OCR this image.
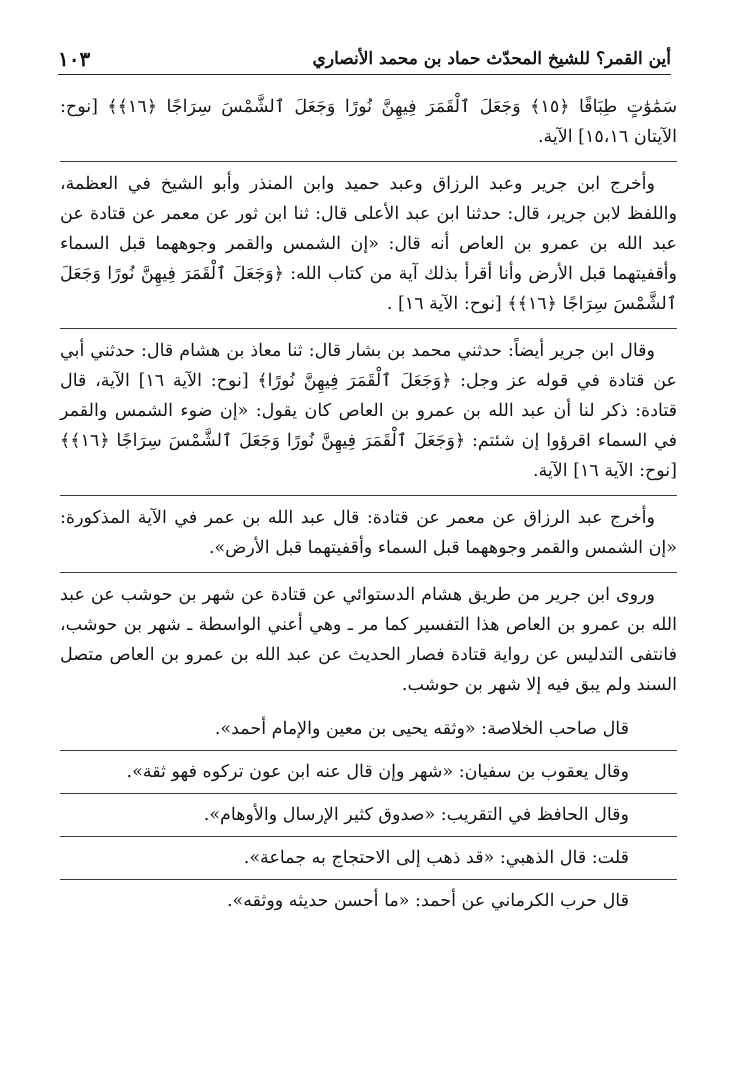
أين القمر؟ للشيخ المحدّث حماد بن محمد الأنصاري
١٠٣

سَمَٰوَٰتٍ طِبَاقًا ﴿١٥﴾ وَجَعَلَ ٱلْقَمَرَ فِيهِنَّ نُورًا وَجَعَلَ ٱلشَّمْسَ سِرَاجًا ﴿١٦﴾﴾ [نوح: الآيتان ١٥،١٦] الآية.

وأخرج ابن جرير وعبد الرزاق وعبد حميد وابن المنذر وأبو الشيخ في العظمة، واللفظ لابن جرير، قال: حدثنا ابن عبد الأعلى قال: ثنا ابن ثور عن معمر عن قتادة عن عبد الله بن عمرو بن العاص أنه قال: «إن الشمس والقمر وجوههما قبل السماء وأقفيتهما قبل الأرض وأنا أقرأ بذلك آية من كتاب الله: ﴿وَجَعَلَ ٱلْقَمَرَ فِيهِنَّ نُورًا وَجَعَلَ ٱلشَّمْسَ سِرَاجًا ﴿١٦﴾﴾ [نوح: الآية ١٦] .

وقال ابن جرير أيضاً: حدثني محمد بن بشار قال: ثنا معاذ بن هشام قال: حدثني أبي عن قتادة في قوله عز وجل: ﴿وَجَعَلَ ٱلْقَمَرَ فِيهِنَّ نُورًا﴾ [نوح: الآية ١٦] الآية، قال قتادة: ذكر لنا أن عبد الله بن عمرو بن العاص كان يقول: «إن ضوء الشمس والقمر في السماء اقرؤوا إن شئتم: ﴿وَجَعَلَ ٱلْقَمَرَ فِيهِنَّ نُورًا وَجَعَلَ ٱلشَّمْسَ سِرَاجًا ﴿١٦﴾﴾ [نوح: الآية ١٦] الآية.

وأخرج عبد الرزاق عن معمر عن قتادة: قال عبد الله بن عمر في الآية المذكورة: «إن الشمس والقمر وجوههما قبل السماء وأقفيتهما قبل الأرض».

وروى ابن جرير من طريق هشام الدستوائي عن قتادة عن شهر بن حوشب عن عبد الله بن عمرو بن العاص هذا التفسير كما مر ـ وهي أعني الواسطة ـ شهر بن حوشب، فانتفى التدليس عن رواية قتادة فصار الحديث عن عبد الله بن عمرو بن العاص متصل السند ولم يبق فيه إلا شهر بن حوشب.

قال صاحب الخلاصة: «وثقه يحيى بن معين والإمام أحمد».

وقال يعقوب بن سفيان: «شهر وإن قال عنه ابن عون تركوه فهو ثقة».

وقال الحافظ في التقريب: «صدوق كثير الإرسال والأوهام».

قلت: قال الذهبي: «قد ذهب إلى الاحتجاج به جماعة».

قال حرب الكرماني عن أحمد: «ما أحسن حديثه ووثقه».
